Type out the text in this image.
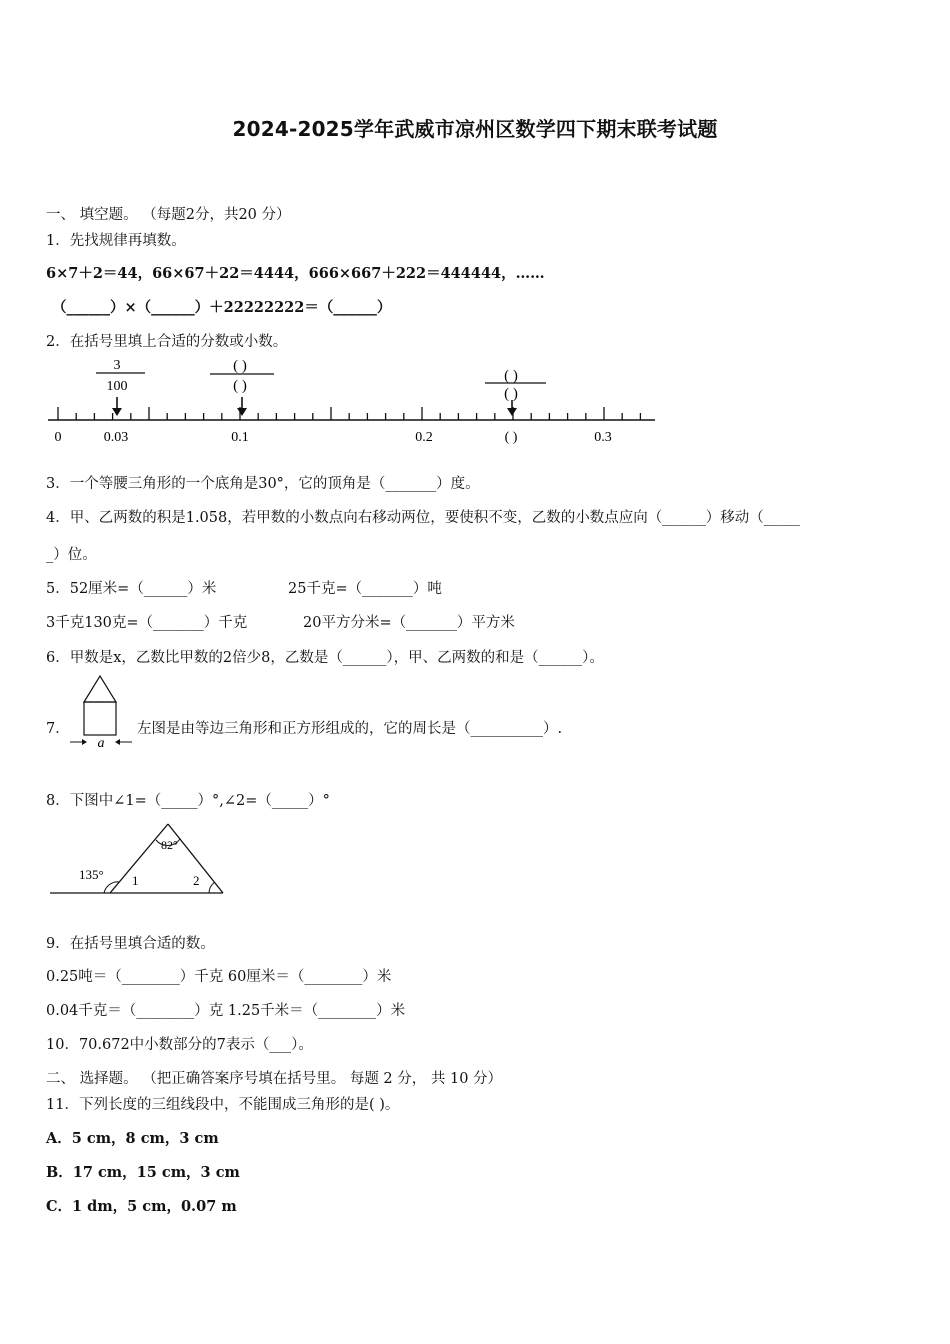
2024-2025学年武威市凉州区数学四下期末联考试题
一、 填空题。 （每题2分，共20 分）
1．先找规律再填数。
6×7＋2＝44，66×67＋22＝4444，666×667＋222＝444444，……
（______）×（______）＋22222222＝（______）
2．在括号里填上合适的分数或小数。
3
100
( )
( )
( )
( )
0	0.03	0.1	0.2	( )	0.3
3．一个等腰三角形的一个底角是30°，它的顶角是（_______）度。
4．甲、乙两数的积是1.058，若甲数的小数点向右移动两位，要使积不变，乙数的小数点应向（______）移动（_____
_）位。
5．52厘米=（______）米	25千克=（_______）吨
3千克130克=（_______）千克	20平方分米=（_______）平方米
6．甲数是x，乙数比甲数的2倍少8，乙数是（______），甲、乙两数的和是（______）。
7．
a
左图是由等边三角形和正方形组成的，它的周长是（__________）.
8．下图中∠1=（_____）°,∠2=（_____）°
135°
82°
1	2
9．在括号里填合适的数。
0.25吨＝（________）千克 60厘米＝（________）米
0.04千克＝（________）克 1.25千米＝（________）米
10．70.672中小数部分的7表示（___）。
二、 选择题。 （把正确答案序号填在括号里。 每题 2 分， 共 10 分）
11．下列长度的三组线段中，不能围成三角形的是( )。
A．5 cm，8 cm，3 cm
B．17 cm，15 cm，3 cm
C．1 dm，5 cm，0.07 m
